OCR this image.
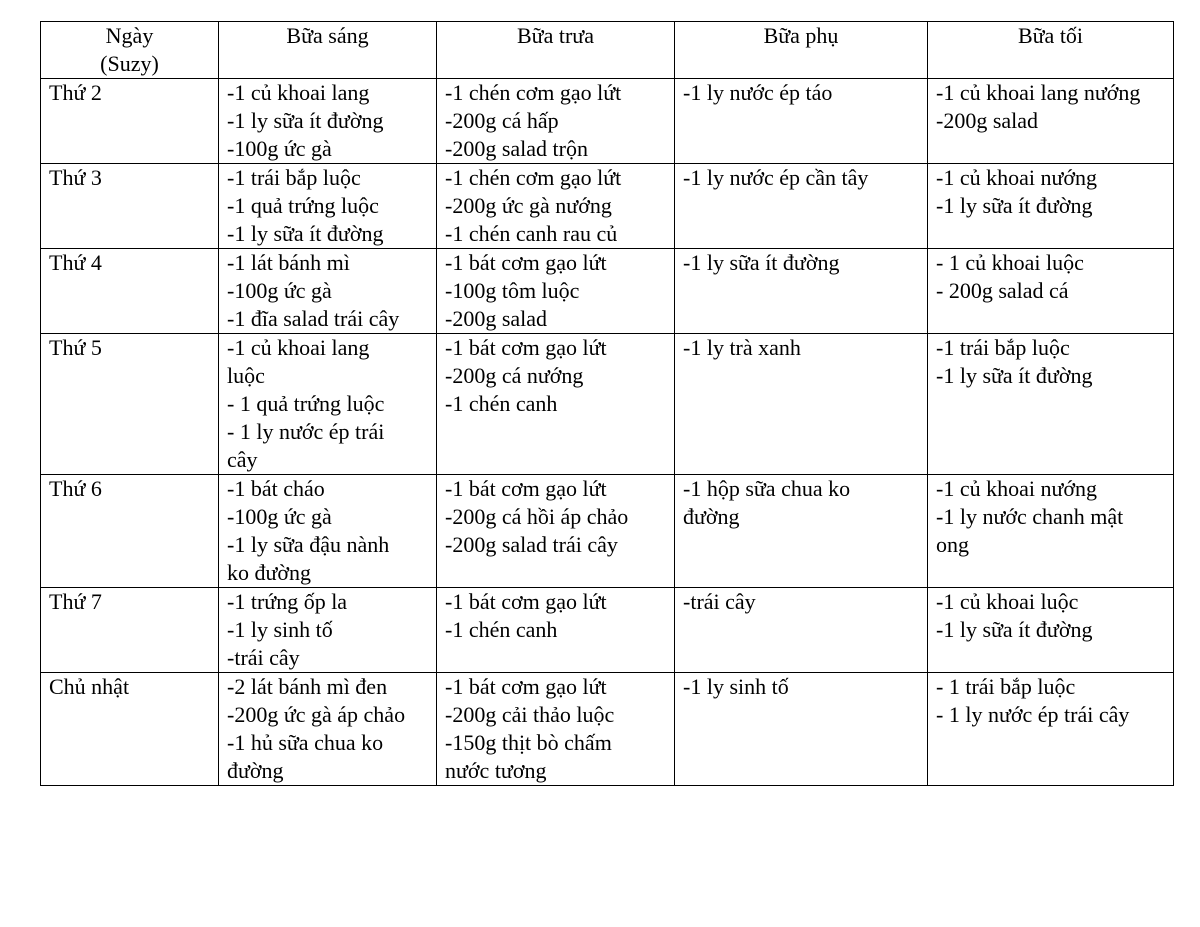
Ngày
(Suzy)	Bữa sáng	Bữa trưa	Bữa phụ	Bữa tối
Thứ 2	-1 củ khoai lang
-1 ly sữa ít đường
-100g ức gà	-1 chén cơm gạo lứt
-200g cá hấp
-200g salad trộn	-1 ly nước ép táo	-1 củ khoai lang nướng
-200g salad
Thứ 3	-1 trái bắp luộc
-1 quả trứng luộc
-1 ly sữa ít đường	-1 chén cơm gạo lứt
-200g ức gà nướng
-1 chén canh rau củ	-1 ly nước ép cần tây	-1 củ khoai nướng
-1 ly sữa ít đường
Thứ 4	-1 lát bánh mì
-100g ức gà
-1 đĩa salad trái cây	-1 bát cơm gạo lứt
-100g tôm luộc
-200g salad	-1 ly sữa ít đường	- 1 củ khoai luộc
- 200g salad cá
Thứ 5	-1 củ khoai lang
luộc
- 1 quả trứng luộc
- 1 ly nước ép trái
cây	-1 bát cơm gạo lứt
-200g cá nướng
-1 chén canh	-1 ly trà xanh	-1 trái bắp luộc
-1 ly sữa ít đường
Thứ 6	-1 bát cháo
-100g ức gà
-1 ly sữa đậu nành
ko đường	-1 bát cơm gạo lứt
-200g cá hồi áp chảo
-200g salad trái cây	-1 hộp sữa chua ko
đường	-1 củ khoai nướng
-1 ly nước chanh mật
ong
Thứ 7	-1 trứng ốp la
-1 ly sinh tố
-trái cây	-1 bát cơm gạo lứt
-1 chén canh	-trái cây	-1 củ khoai luộc
-1 ly sữa ít đường
Chủ nhật	-2 lát bánh mì đen
-200g ức gà áp chảo
-1 hủ sữa chua ko
đường	-1 bát cơm gạo lứt
-200g cải thảo luộc
-150g thịt bò chấm
nước tương	-1 ly sinh tố	- 1 trái bắp luộc
- 1 ly nước ép trái cây
